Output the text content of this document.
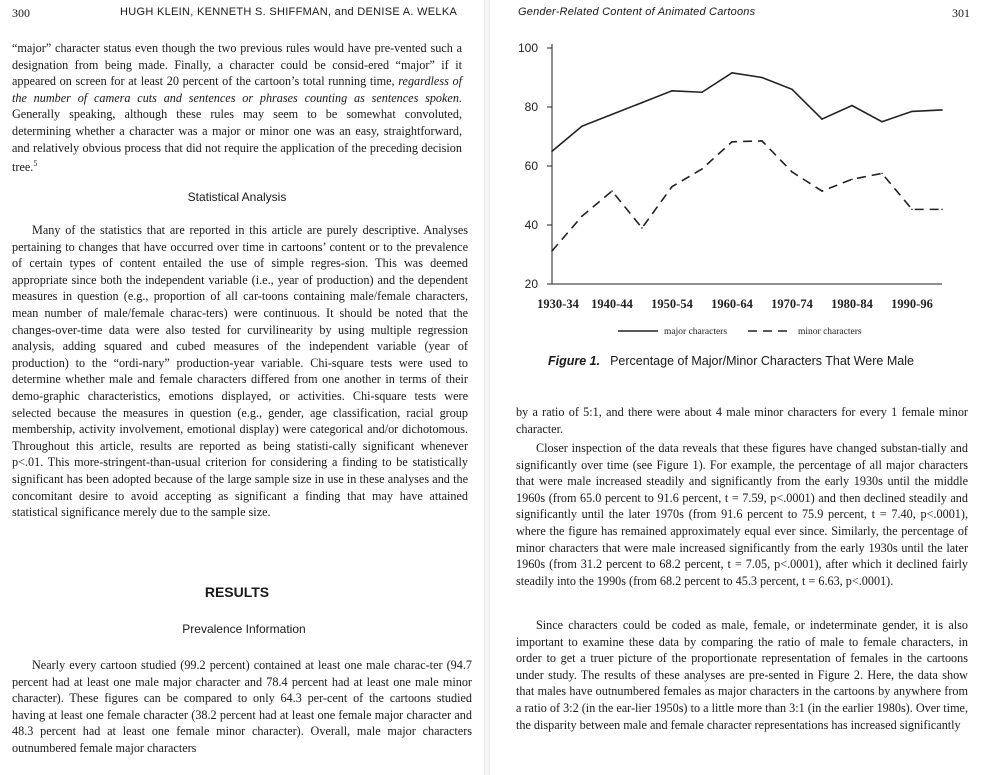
300	HUGH KLEIN, KENNETH S. SHIFFMAN, and DENISE A. WELKA

“major” character status even though the two previous rules would have pre-vented such a designation from being made. Finally, a character could be consid-ered “major” if it appeared on screen for at least 20 percent of the cartoon’s total running time, regardless of the number of camera cuts and sentences or phrases counting as sentences spoken. Generally speaking, although these rules may seem to be somewhat convoluted, determining whether a character was a major or minor one was an easy, straightforward, and relatively obvious process that did not require the application of the preceding decision tree.$^5$

Statistical Analysis

Many of the statistics that are reported in this article are purely descriptive. Analyses pertaining to changes that have occurred over time in cartoons’ content or to the prevalence of certain types of content entailed the use of simple regres-sion. This was deemed appropriate since both the independent variable (i.e., year of production) and the dependent measures in question (e.g., proportion of all car-toons containing male/female characters, mean number of male/female charac-ters) were continuous. It should be noted that the changes-over-time data were also tested for curvilinearity by using multiple regression analysis, adding squared and cubed measures of the independent variable (year of production) to the “ordi-nary” production-year variable. Chi-square tests were used to determine whether male and female characters differed from one another in terms of their demo-graphic characteristics, emotions displayed, or activities. Chi-square tests were selected because the measures in question (e.g., gender, age classification, racial group membership, activity involvement, emotional display) were categorical and/or dichotomous. Throughout this article, results are reported as being statisti-cally significant whenever p<.01. This more-stringent-than-usual criterion for considering a finding to be statistically significant has been adopted because of the large sample size in use in these analyses and the concomitant desire to avoid accepting as significant a finding that may have attained statistical significance merely due to the sample size.

RESULTS
Prevalence Information

Nearly every cartoon studied (99.2 percent) contained at least one male charac-ter (94.7 percent had at least one male major character and 78.4 percent had at least one male minor character). These figures can be compared to only 64.3 per-cent of the cartoons studied having at least one female character (38.2 percent had at least one female major character and 48.3 percent had at least one female minor character). Overall, male major characters outnumbered female major characters

Gender-Related Content of Animated Cartoons	301
20
40
60
80
100
1930-34 1940-44 1950-54 1960-64 1970-74 1980-84 1990-96
major characters	minor characters
Figure 1. Percentage of Major/Minor Characters That Were Male

by a ratio of 5:1, and there were about 4 male minor characters for every 1 female minor character.

Closer inspection of the data reveals that these figures have changed substan-tially and significantly over time (see Figure 1). For example, the percentage of all major characters that were male increased steadily and significantly from the early 1930s until the middle 1960s (from 65.0 percent to 91.6 percent, t = 7.59, p<.0001) and then declined steadily and significantly until the later 1970s (from 91.6 percent to 75.9 percent, t = 7.40, p<.0001), where the figure has remained approximately equal ever since. Similarly, the percentage of minor characters that were male increased significantly from the early 1930s until the later 1960s (from 31.2 percent to 68.2 percent, t = 7.05, p<.0001), after which it declined fairly steadily into the 1990s (from 68.2 percent to 45.3 percent, t = 6.63, p<.0001).

Since characters could be coded as male, female, or indeterminate gender, it is also important to examine these data by comparing the ratio of male to female characters, in order to get a truer picture of the proportionate representation of females in the cartoons under study. The results of these analyses are pre-sented in Figure 2. Here, the data show that males have outnumbered females as major characters in the cartoons by anywhere from a ratio of 3:2 (in the ear-lier 1950s) to a little more than 3:1 (in the earlier 1980s). Over time, the disparity between male and female character representations has increased significantly
